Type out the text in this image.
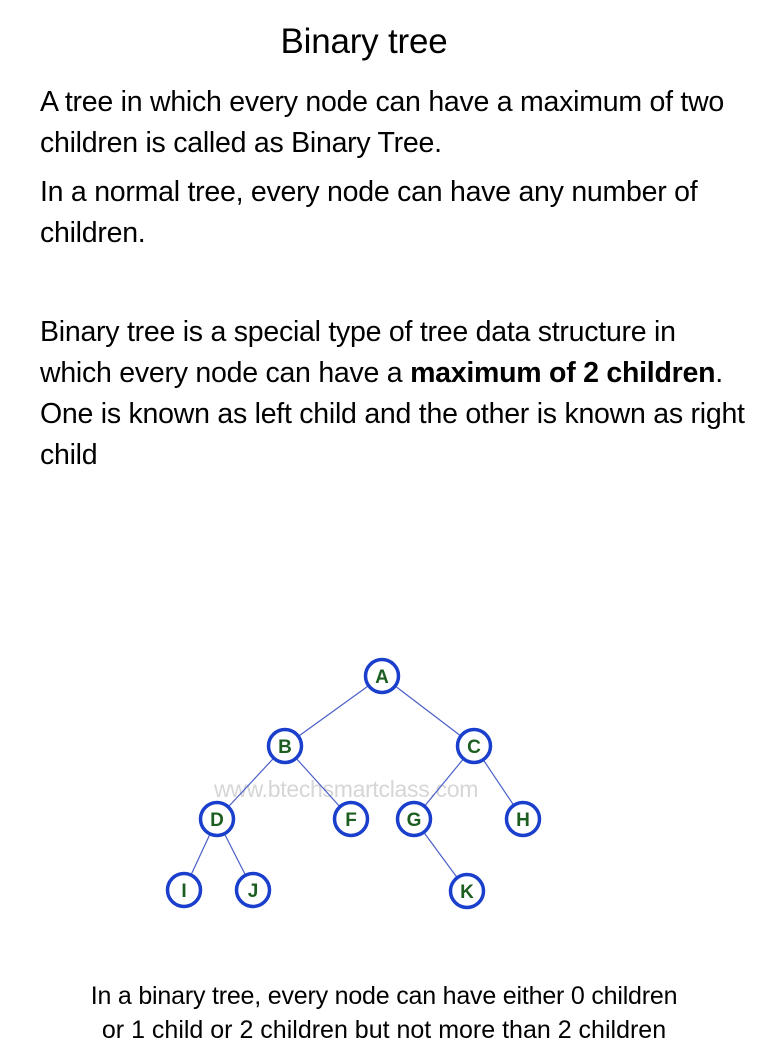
Binary tree

A tree in which every node can have a maximum of two children is called as Binary Tree.

In a normal tree, every node can have any number of children.

Binary tree is a special type of tree data structure in which every node can have a maximum of 2 children. One is known as left child and the other is known as right child

www.btechsmartclass.com
A
B	C
D	F	G	H
I	J	K
In a binary tree, every node can have either 0 children
or 1 child or 2 children but not more than 2 children
